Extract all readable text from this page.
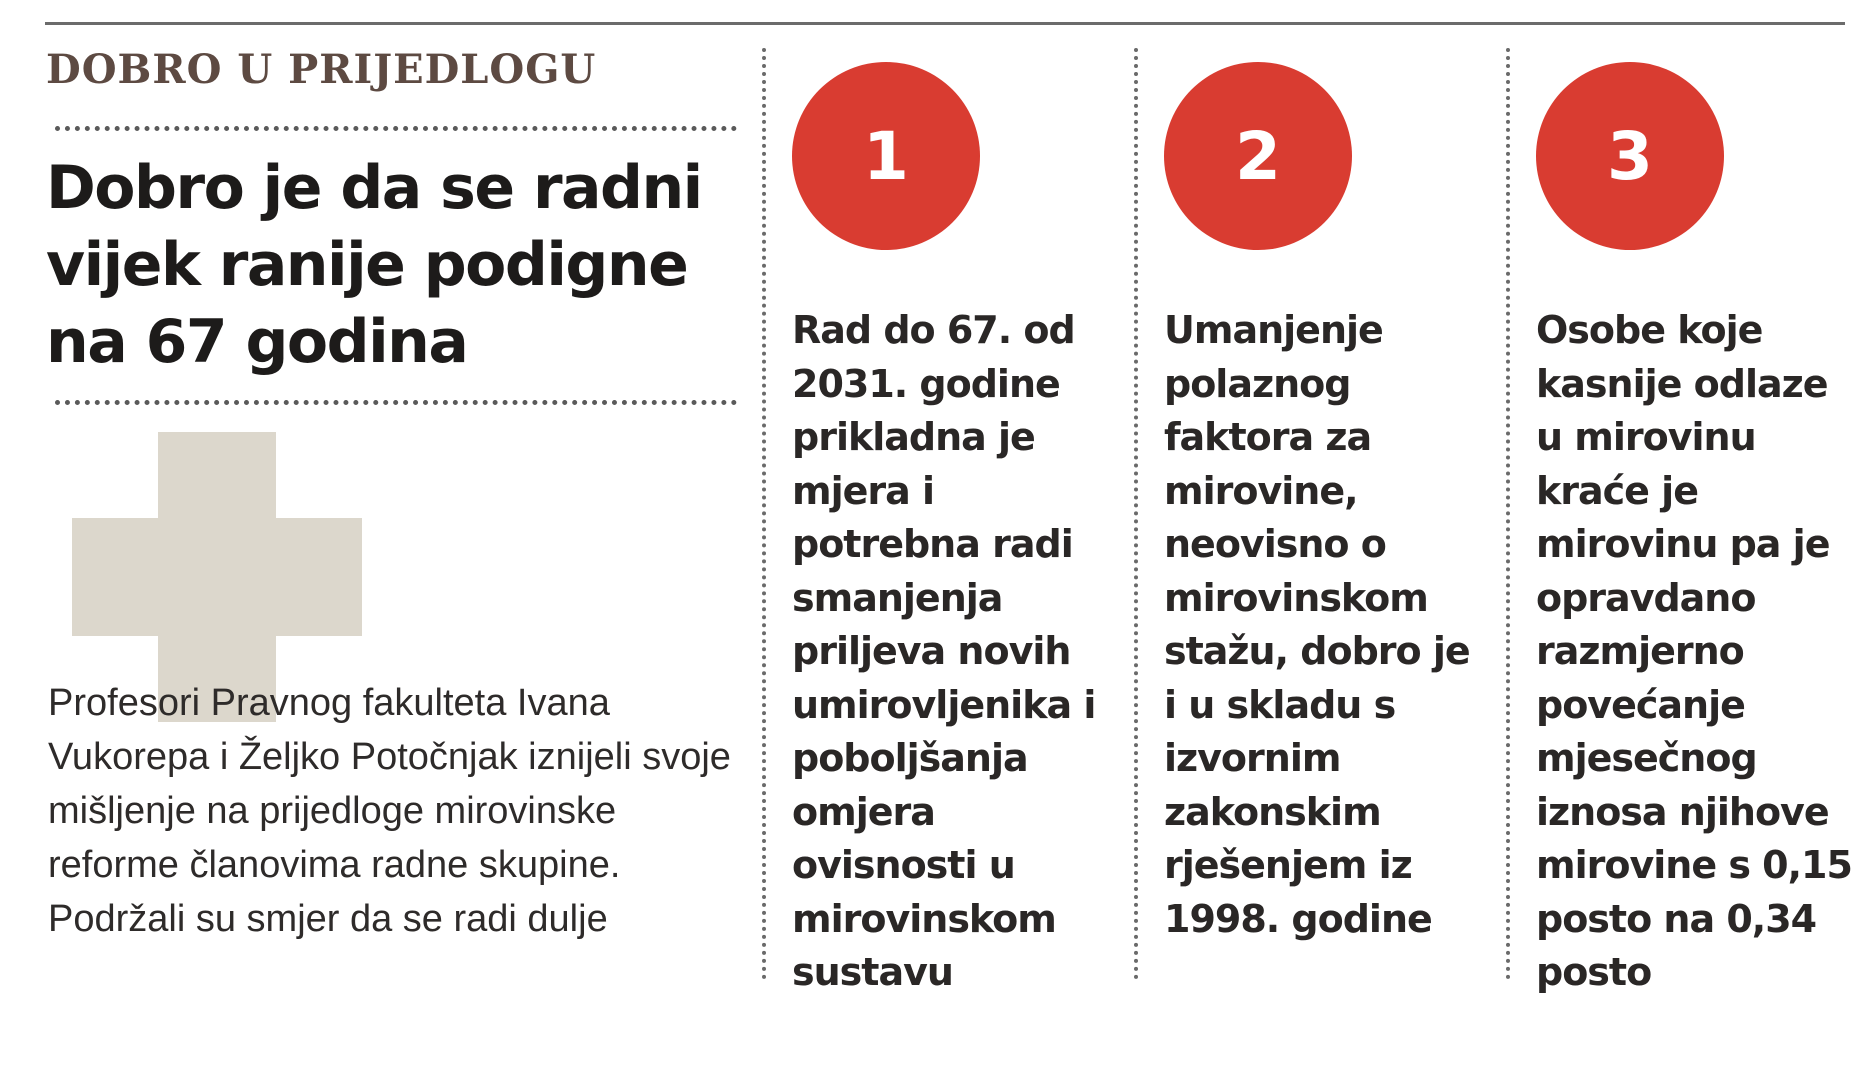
DOBRO U PRIJEDLOGU
Dobro je da se radni vijek ranije podigne na 67 godina
Profesori Pravnog fakulteta Ivana Vukorepa i Željko Potočnjak iznijeli svoje mišljenje na prijedloge mirovinske reforme članovima radne skupine. Podržali su smjer da se radi dulje
1
Rad do 67. od 2031. godine prikladna je mjera i potrebna radi smanjenja priljeva novih umirovljenika i poboljšanja omjera ovisnosti u mirovinskom sustavu
2
Umanjenje polaznog faktora za mirovine, neovisno o mirovinskom stažu, dobro je i u skladu s izvornim zakonskim rješenjem iz 1998. godine
3
Osobe koje kasnije odlaze u mirovinu kraće je mirovinu pa je opravdano razmjerno povećanje mjesečnog iznosa njihove mirovine s 0,15 posto na 0,34 posto
